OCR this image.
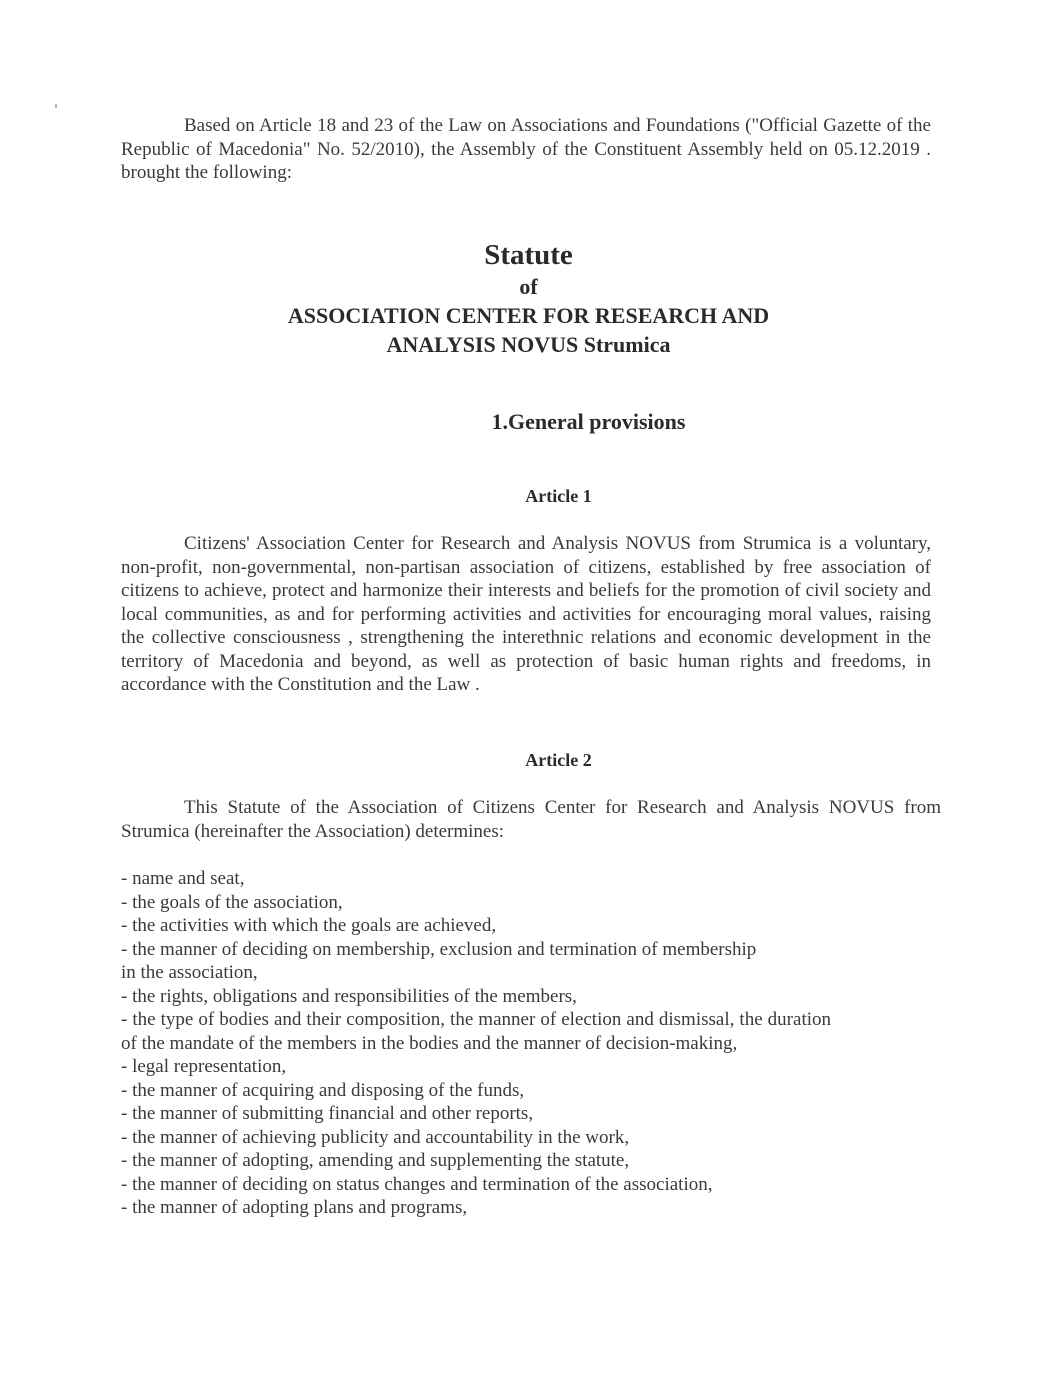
Based on Article 18 and 23 of the Law on Associations and Foundations ("Official Gazette of the Republic of Macedonia" No. 52/2010), the Assembly of the Constituent Assembly held on 05.12.2019 . brought the following:

Statute
of
ASSOCIATION CENTER FOR RESEARCH AND
ANALYSIS NOVUS Strumica
1.General provisions
Article 1

Citizens' Association Center for Research and Analysis NOVUS from Strumica is a voluntary, non-profit, non-governmental, non-partisan association of citizens, established by free association of citizens to achieve, protect and harmonize their interests and beliefs for the promotion of civil society and local communities, as and for performing activities and activities for encouraging moral values, raising the collective consciousness , strengthening the interethnic relations and economic development in the territory of Macedonia and beyond, as well as protection of basic human rights and freedoms, in accordance with the Constitution and the Law .

Article 2

This Statute of the Association of Citizens Center for Research and Analysis NOVUS from Strumica (hereinafter the Association) determines:

- name and seat,
- the goals of the association,
- the activities with which the goals are achieved,
- the manner of deciding on membership, exclusion and termination of membership in the association,
- the rights, obligations and responsibilities of the members,
- the type of bodies and their composition, the manner of election and dismissal, the duration of the mandate of the members in the bodies and the manner of decision-making,
- legal representation,
- the manner of acquiring and disposing of the funds,
- the manner of submitting financial and other reports,
- the manner of achieving publicity and accountability in the work,
- the manner of adopting, amending and supplementing the statute,
- the manner of deciding on status changes and termination of the association,
- the manner of adopting plans and programs,
